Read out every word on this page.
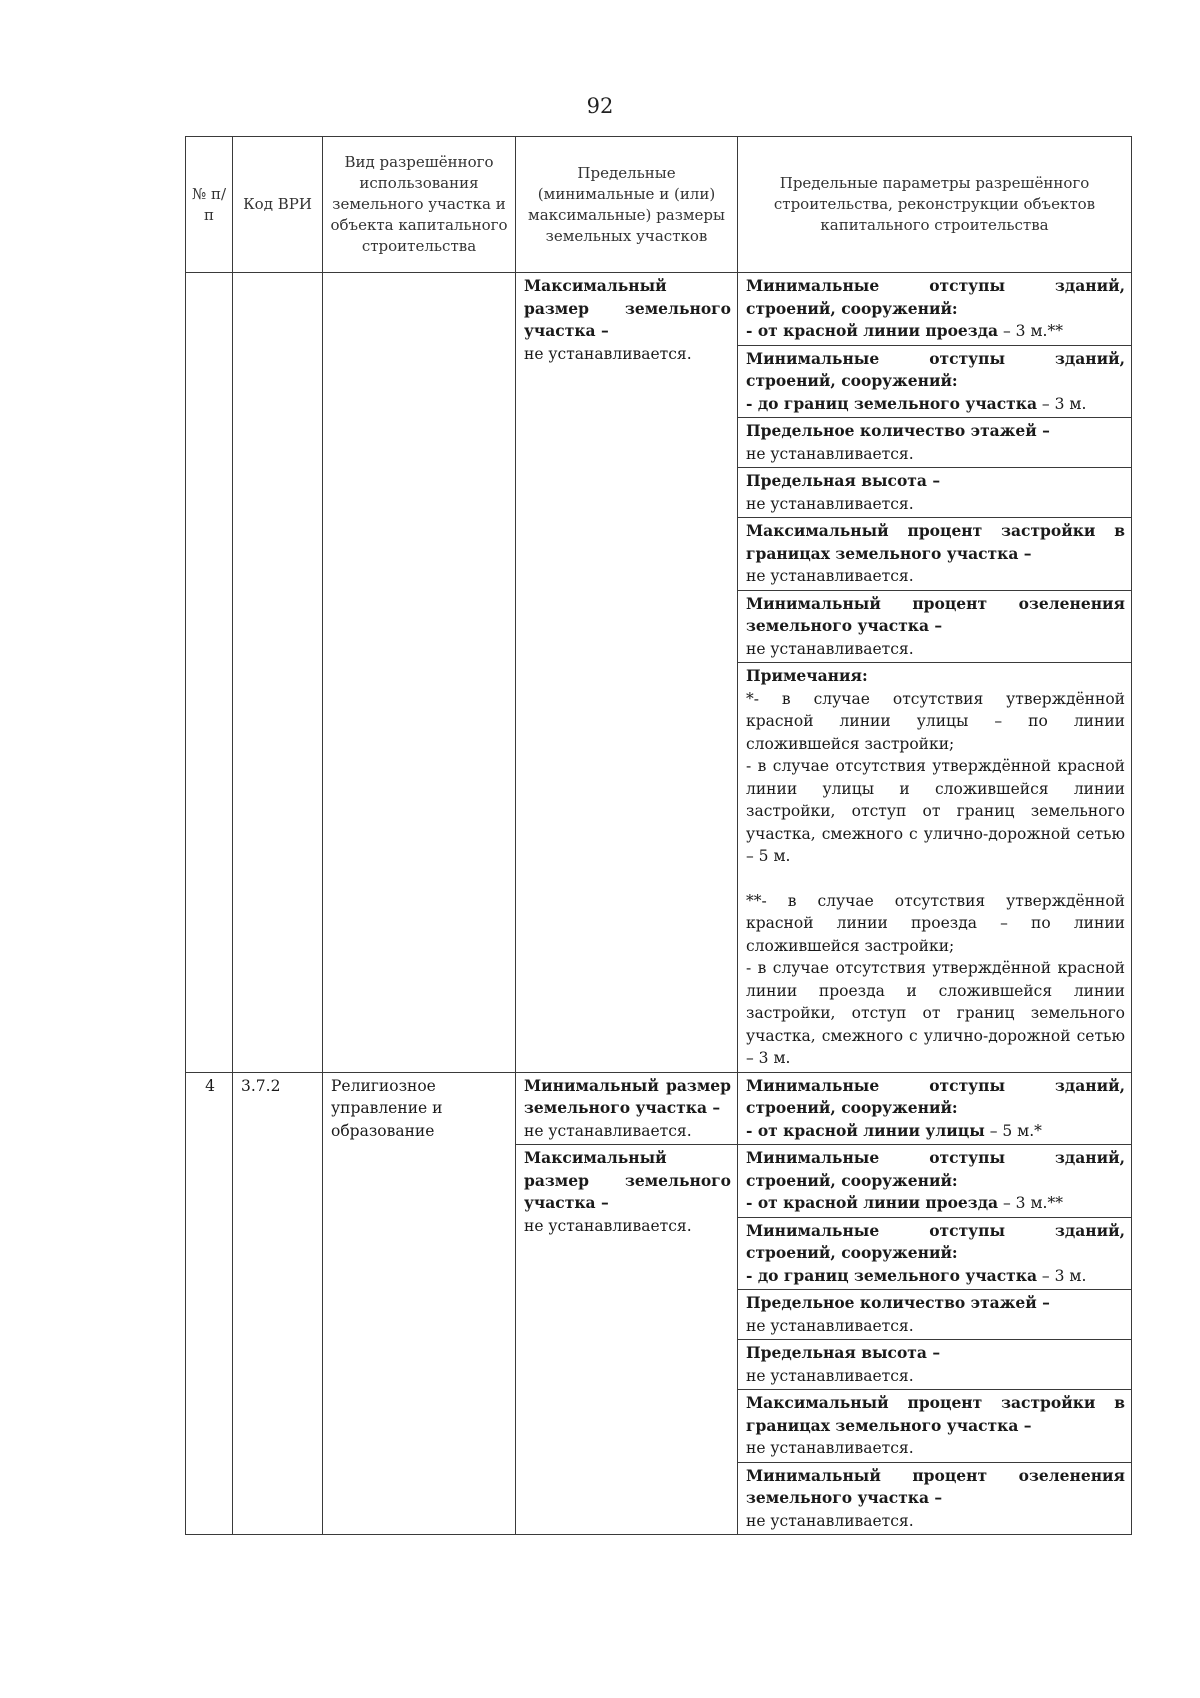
92
№ п/п	Код ВРИ	Вид разрешённого использования земельного участка и объекта капитального строительства	Предельные (минимальные и (или) максимальные) размеры земельных участков	Предельные параметры разрешённого строительства, реконструкции объектов капитального строительства

			Максимальный размер земельного участка –
не устанавливается.	Минимальные отступы зданий, строений, сооружений:
- от красной линии проезда – 3 м.**

				Минимальные отступы зданий, строений, сооружений:
- до границ земельного участка – 3 м.

				Предельное количество этажей –
не устанавливается.

				Предельная высота –
не устанавливается.

				Максимальный процент застройки в границах земельного участка –
не устанавливается.

				Минимальный процент озеленения земельного участка –
не устанавливается.

				Примечания:
*- в случае отсутствия утверждённой красной линии улицы – по линии сложившейся застройки;
- в случае отсутствия утверждённой красной линии улицы и сложившейся линии застройки, отступ от границ земельного участка, смежного с улично-дорожной сетью – 5 м.
**- в случае отсутствия утверждённой красной линии проезда – по линии сложившейся застройки;
- в случае отсутствия утверждённой красной линии проезда и сложившейся линии застройки, отступ от границ земельного участка, смежного с улично-дорожной сетью – 3 м.

4	3.7.2	Религиозное управление и образование	Минимальный размер земельного участка –
не устанавливается.	Минимальные отступы зданий, строений, сооружений:
- от красной линии улицы – 5 м.*

			Максимальный размер земельного участка –
не устанавливается.	Минимальные отступы зданий, строений, сооружений:
- от красной линии проезда – 3 м.**

				Минимальные отступы зданий, строений, сооружений:
- до границ земельного участка – 3 м.

				Предельное количество этажей –
не устанавливается.

				Предельная высота –
не устанавливается.

				Максимальный процент застройки в границах земельного участка –
не устанавливается.

				Минимальный процент озеленения земельного участка –
не устанавливается.
